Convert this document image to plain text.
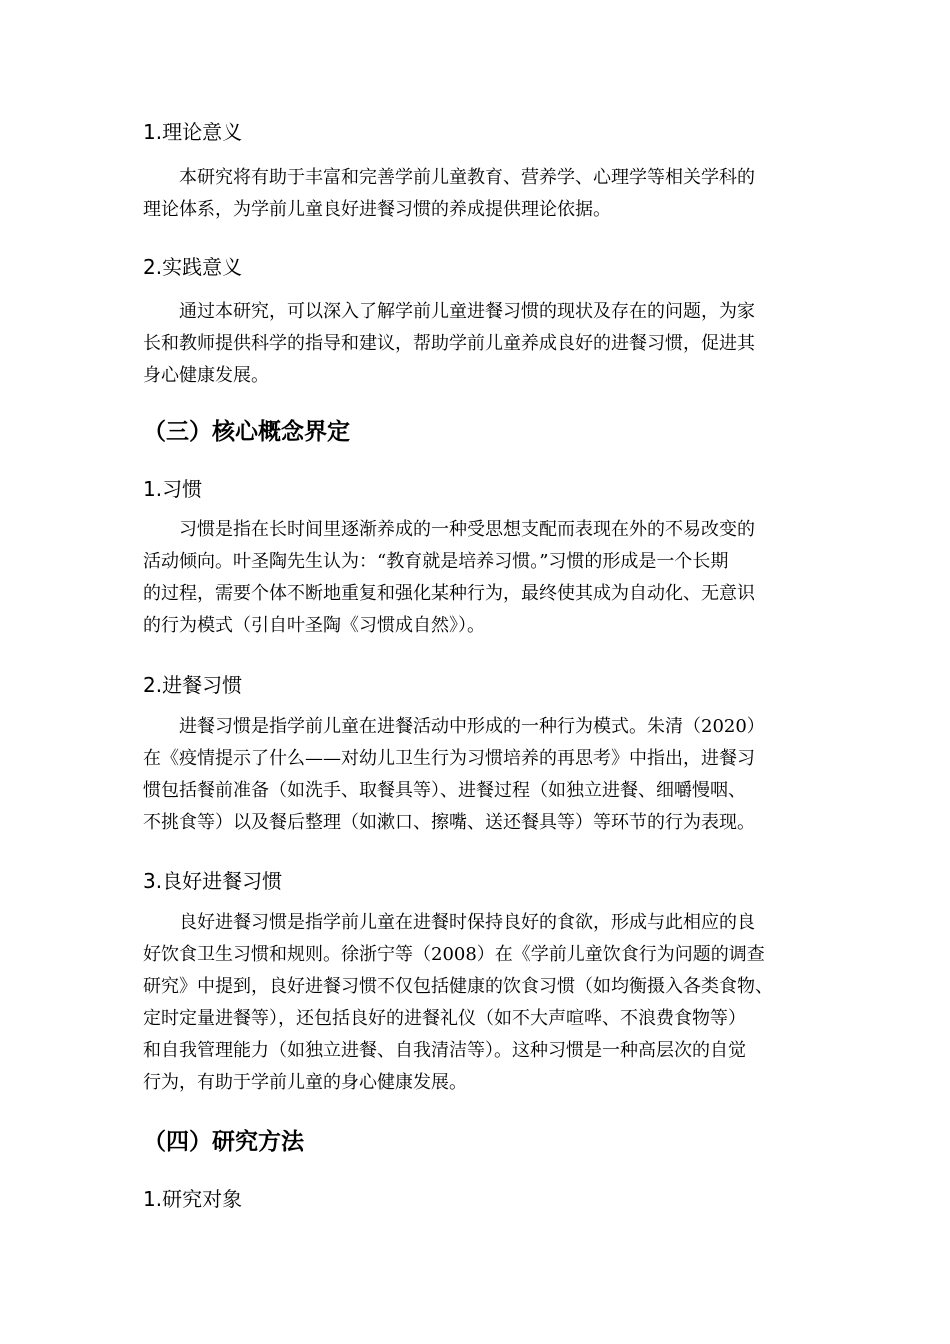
1.理论意义

本研究将有助于丰富和完善学前儿童教育、营养学、心理学等相关学科的
理论体系，为学前儿童良好进餐习惯的养成提供理论依据。

2.实践意义

通过本研究，可以深入了解学前儿童进餐习惯的现状及存在的问题，为家
长和教师提供科学的指导和建议，帮助学前儿童养成良好的进餐习惯，促进其
身心健康发展。

（三）核心概念界定
1.习惯

习惯是指在长时间里逐渐养成的一种受思想支配而表现在外的不易改变的
活动倾向。叶圣陶先生认为：“教育就是培养习惯。”习惯的形成是一个长期
的过程，需要个体不断地重复和强化某种行为，最终使其成为自动化、无意识
的行为模式（引自叶圣陶《习惯成自然》）。

2.进餐习惯

进餐习惯是指学前儿童在进餐活动中形成的一种行为模式。朱清（2020）
在《疫情提示了什么——对幼儿卫生行为习惯培养的再思考》中指出，进餐习
惯包括餐前准备（如洗手、取餐具等）、进餐过程（如独立进餐、细嚼慢咽、
不挑食等）以及餐后整理（如漱口、擦嘴、送还餐具等）等环节的行为表现。

3.良好进餐习惯

良好进餐习惯是指学前儿童在进餐时保持良好的食欲，形成与此相应的良
好饮食卫生习惯和规则。徐浙宁等（2008）在《学前儿童饮食行为问题的调查
研究》中提到，良好进餐习惯不仅包括健康的饮食习惯（如均衡摄入各类食物、
定时定量进餐等），还包括良好的进餐礼仪（如不大声喧哗、不浪费食物等）
和自我管理能力（如独立进餐、自我清洁等）。这种习惯是一种高层次的自觉
行为，有助于学前儿童的身心健康发展。

（四）研究方法
1.研究对象
